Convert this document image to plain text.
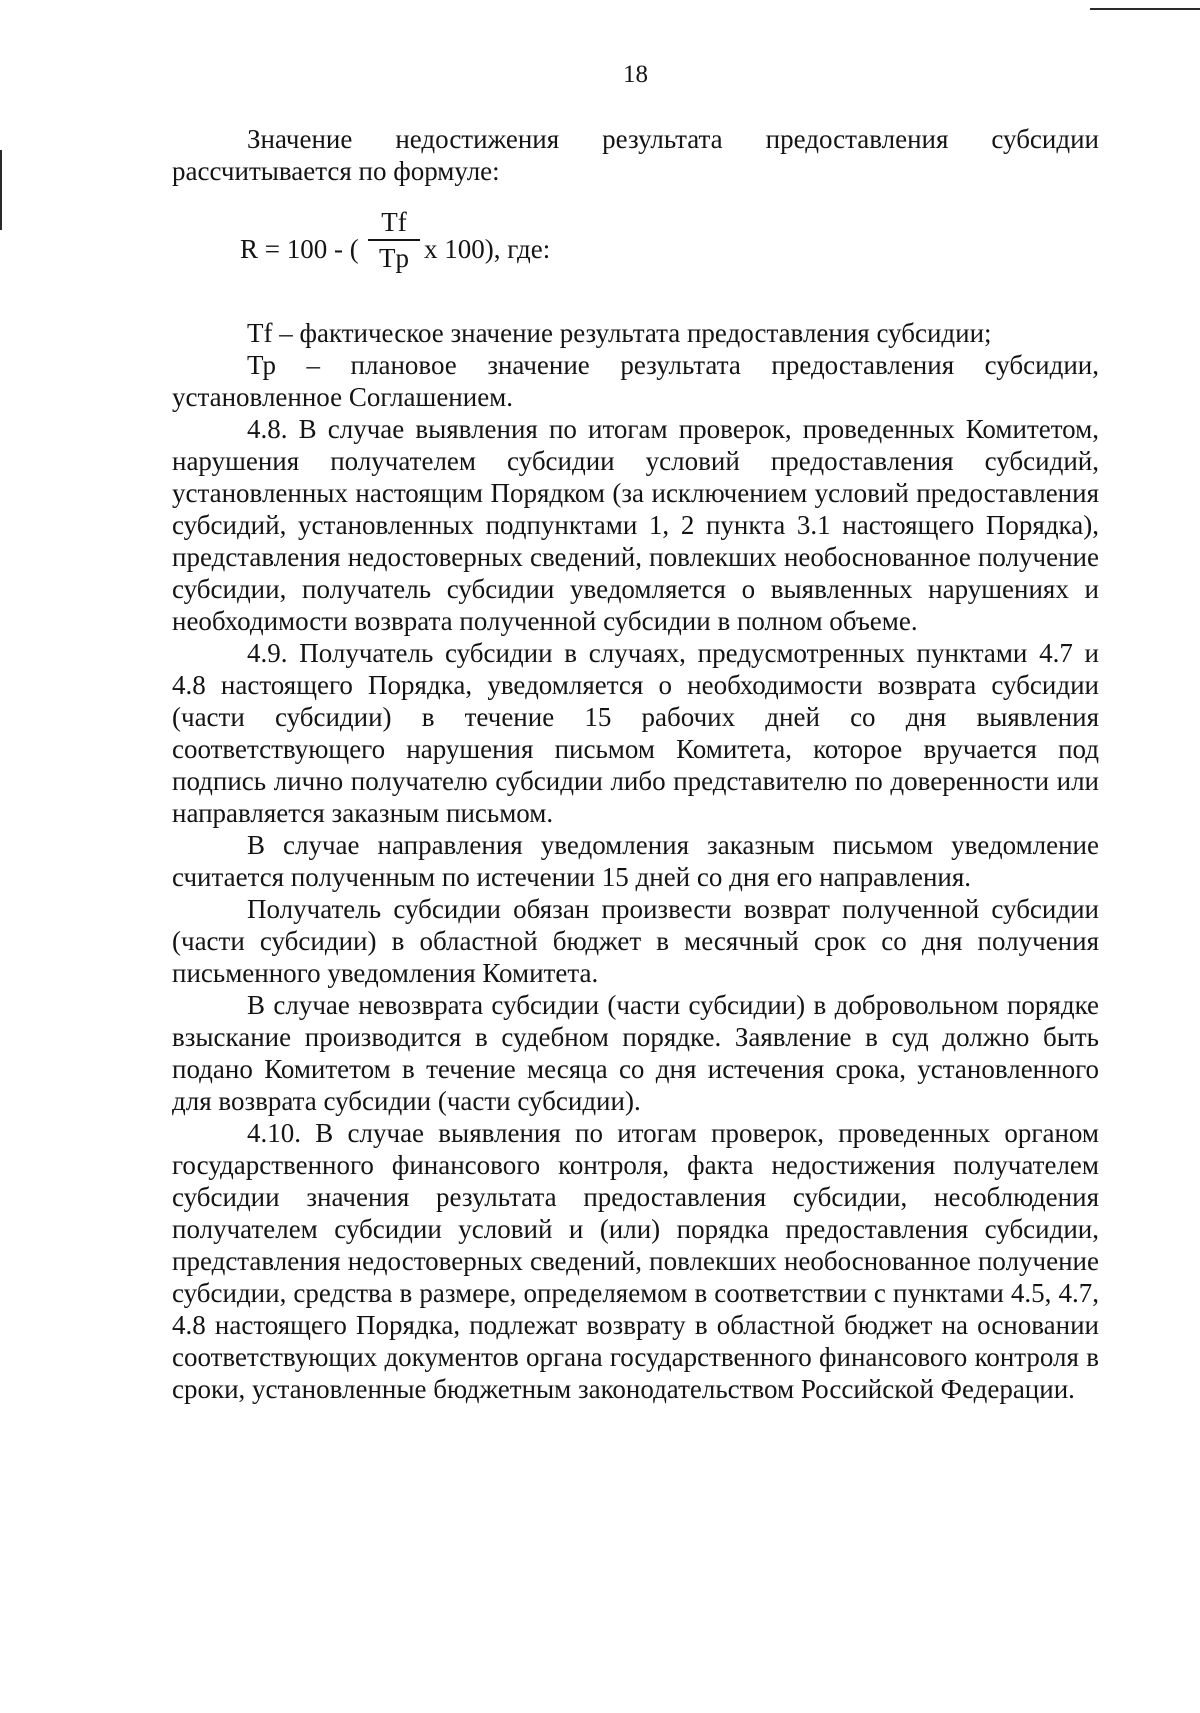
18

Значение недостижения результата предоставления субсидии рассчитывается по формуле:

R = 100 - (
Tf
Tp x 100), где:

Tf – фактическое значение результата предоставления субсидии;

Тр – плановое значение результата предоставления субсидии, установленное Соглашением.

4.8. В случае выявления по итогам проверок, проведенных Комитетом, нарушения получателем субсидии условий предоставления субсидий, установленных настоящим Порядком (за исключением условий предоставления субсидий, установленных подпунктами 1, 2 пункта 3.1 настоящего Порядка), представления недостоверных сведений, повлекших необоснованное получение субсидии, получатель субсидии уведомляется о выявленных нарушениях и необходимости возврата полученной субсидии в полном объеме.

4.9. Получатель субсидии в случаях, предусмотренных пунктами 4.7 и 4.8 настоящего Порядка, уведомляется о необходимости возврата субсидии (части субсидии) в течение 15 рабочих дней со дня выявления соответствующего нарушения письмом Комитета, которое вручается под подпись лично получателю субсидии либо представителю по доверенности или направляется заказным письмом.

В случае направления уведомления заказным письмом уведомление считается полученным по истечении 15 дней со дня его направления.

Получатель субсидии обязан произвести возврат полученной субсидии (части субсидии) в областной бюджет в месячный срок со дня получения письменного уведомления Комитета.

В случае невозврата субсидии (части субсидии) в добровольном порядке взыскание производится в судебном порядке. Заявление в суд должно быть подано Комитетом в течение месяца со дня истечения срока, установленного для возврата субсидии (части субсидии).

4.10. В случае выявления по итогам проверок, проведенных органом государственного финансового контроля, факта недостижения получателем субсидии значения результата предоставления субсидии, несоблюдения получателем субсидии условий и (или) порядка предоставления субсидии, представления недостоверных сведений, повлекших необоснованное получение субсидии, средства в размере, определяемом в соответствии с пунктами 4.5, 4.7, 4.8 настоящего Порядка, подлежат возврату в областной бюджет на основании соответствующих документов органа государственного финансового контроля в сроки, установленные бюджетным законодательством Российской Федерации.
